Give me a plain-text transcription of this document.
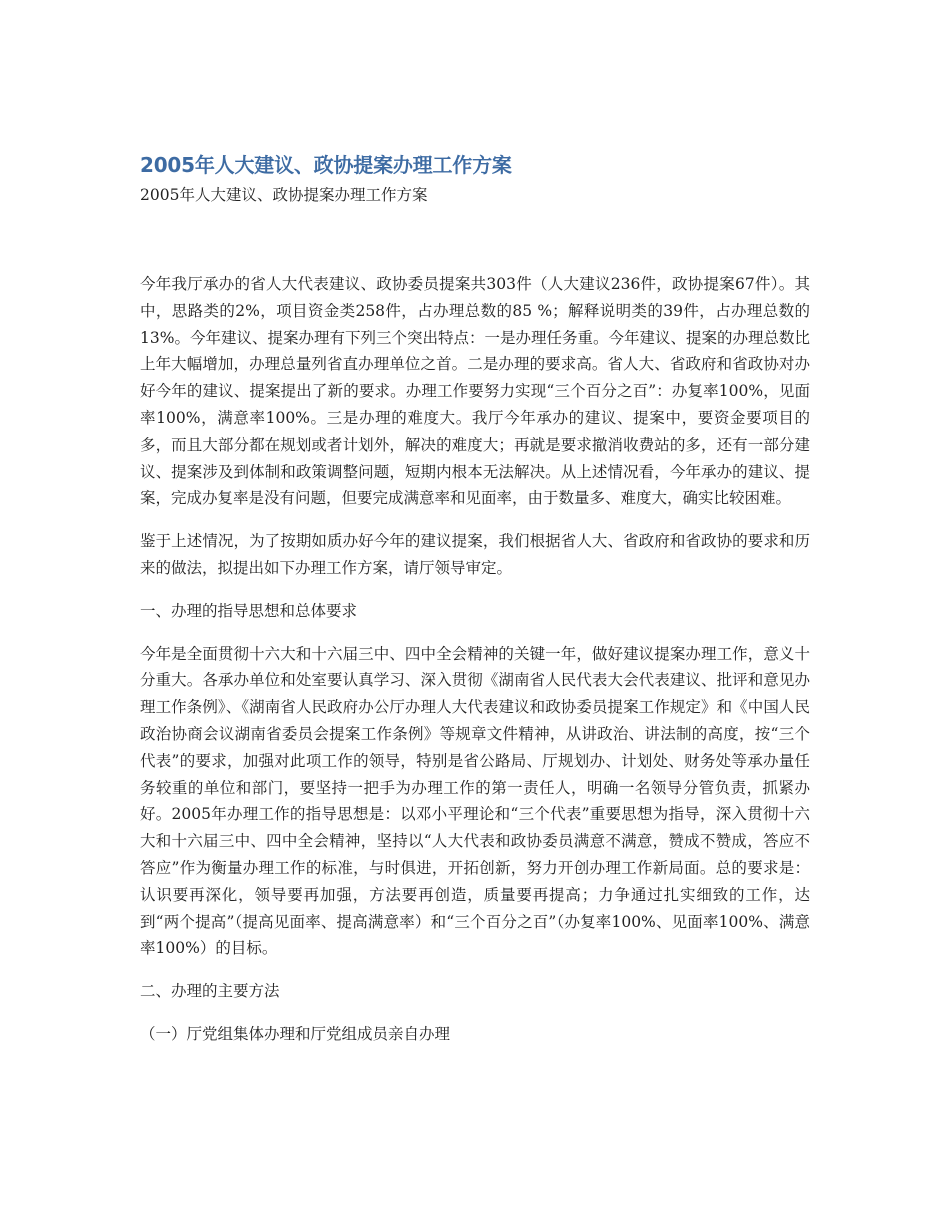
2005年人大建议、政协提案办理工作方案

2005年人大建议、政协提案办理工作方案

今年我厅承办的省人大代表建议、政协委员提案共303件（人大建议236件，政协提案67件）。其中，思路类的2%，项目资金类258件，占办理总数的85 %；解释说明类的39件，占办理总数的13%。今年建议、提案办理有下列三个突出特点：一是办理任务重。今年建议、提案的办理总数比上年大幅增加，办理总量列省直办理单位之首。二是办理的要求高。省人大、省政府和省政协对办好今年的建议、提案提出了新的要求。办理工作要努力实现“三个百分之百”：办复率100%，见面率100%，满意率100%。三是办理的难度大。我厅今年承办的建议、提案中，要资金要项目的多，而且大部分都在规划或者计划外，解决的难度大；再就是要求撤消收费站的多，还有一部分建议、提案涉及到体制和政策调整问题，短期内根本无法解决。从上述情况看，今年承办的建议、提案，完成办复率是没有问题，但要完成满意率和见面率，由于数量多、难度大，确实比较困难。

鉴于上述情况，为了按期如质办好今年的建议提案，我们根据省人大、省政府和省政协的要求和历来的做法，拟提出如下办理工作方案，请厅领导审定。

一、办理的指导思想和总体要求

今年是全面贯彻十六大和十六届三中、四中全会精神的关键一年，做好建议提案办理工作，意义十分重大。各承办单位和处室要认真学习、深入贯彻《湖南省人民代表大会代表建议、批评和意见办理工作条例》、《湖南省人民政府办公厅办理人大代表建议和政协委员提案工作规定》和《中国人民政治协商会议湖南省委员会提案工作条例》等规章文件精神，从讲政治、讲法制的高度，按“三个代表”的要求，加强对此项工作的领导，特别是省公路局、厅规划办、计划处、财务处等承办量任务较重的单位和部门，要坚持一把手为办理工作的第一责任人，明确一名领导分管负责，抓紧办好。2005年办理工作的指导思想是：以邓小平理论和“三个代表”重要思想为指导，深入贯彻十六大和十六届三中、四中全会精神，坚持以“人大代表和政协委员满意不满意，赞成不赞成，答应不答应”作为衡量办理工作的标准，与时俱进，开拓创新，努力开创办理工作新局面。总的要求是：认识要再深化，领导要再加强，方法要再创造，质量要再提高；力争通过扎实细致的工作，达到“两个提高”（提高见面率、提高满意率）和“三个百分之百”（办复率100%、见面率100%、满意率100%）的目标。

二、办理的主要方法

（一）厅党组集体办理和厅党组成员亲自办理
